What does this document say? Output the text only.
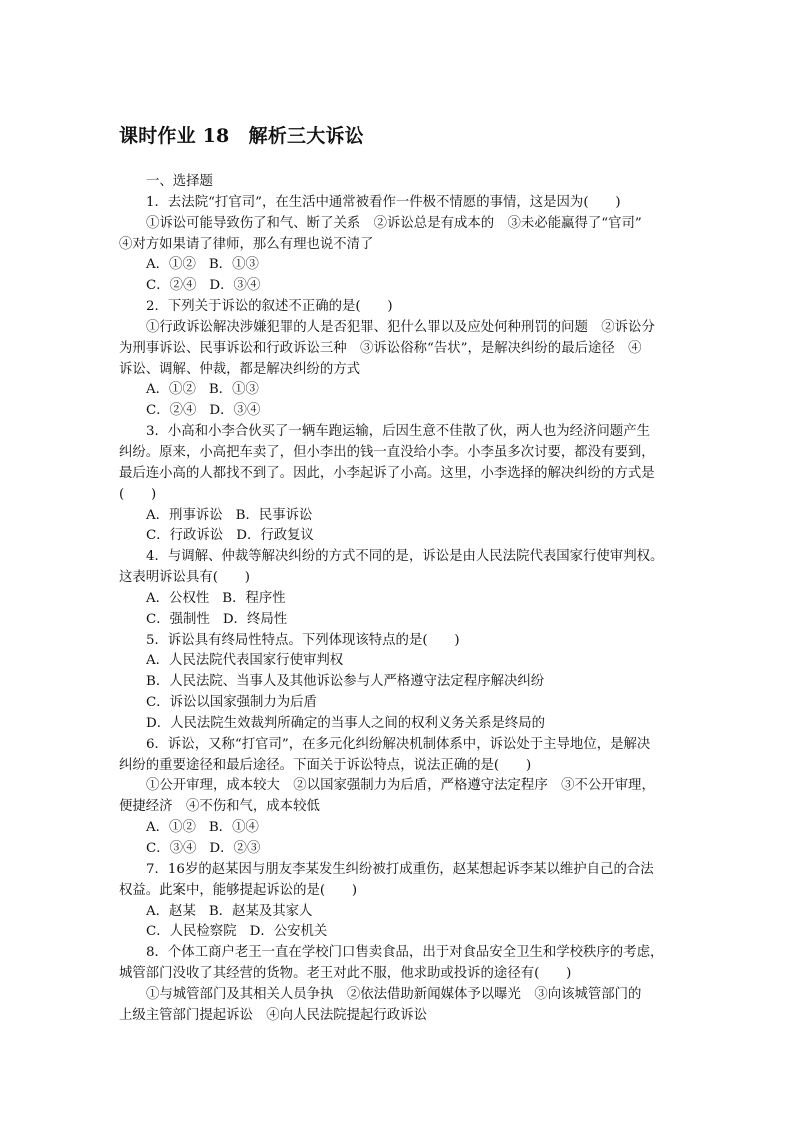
课时作业 18　解析三大诉讼
一、选择题
1．去法院“打官司”，在生活中通常被看作一件极不情愿的事情，这是因为(　　)
①诉讼可能导致伤了和气、断了关系　②诉讼总是有成本的　③未必能赢得了“官司”
④对方如果请了律师，那么有理也说不清了
A．①② B．①③
C．②④ D．③④
2．下列关于诉讼的叙述不正确的是(　　)
①行政诉讼解决涉嫌犯罪的人是否犯罪、犯什么罪以及应处何种刑罚的问题　②诉讼分
为刑事诉讼、民事诉讼和行政诉讼三种　③诉讼俗称“告状”，是解决纠纷的最后途径　④
诉讼、调解、仲裁，都是解决纠纷的方式
A．①② B．①③
C．②④ D．③④
3．小高和小李合伙买了一辆车跑运输，后因生意不佳散了伙，两人也为经济问题产生
纠纷。原来，小高把车卖了，但小李出的钱一直没给小李。小李虽多次讨要，都没有要到，
最后连小高的人都找不到了。因此，小李起诉了小高。这里，小李选择的解决纠纷的方式是
(　　)
A．刑事诉讼 B．民事诉讼
C．行政诉讼 D．行政复议
4．与调解、仲裁等解决纠纷的方式不同的是，诉讼是由人民法院代表国家行使审判权。
这表明诉讼具有(　　)
A．公权性 B．程序性
C．强制性 D．终局性
5．诉讼具有终局性特点。下列体现该特点的是(　　)
A．人民法院代表国家行使审判权
B．人民法院、当事人及其他诉讼参与人严格遵守法定程序解决纠纷
C．诉讼以国家强制力为后盾
D．人民法院生效裁判所确定的当事人之间的权利义务关系是终局的
6．诉讼，又称“打官司”，在多元化纠纷解决机制体系中，诉讼处于主导地位，是解决
纠纷的重要途径和最后途径。下面关于诉讼特点，说法正确的是(　　)
①公开审理，成本较大　②以国家强制力为后盾，严格遵守法定程序　③不公开审理，
便捷经济　④不伤和气，成本较低
A．①② B．①④
C．③④ D．②③
7．16岁的赵某因与朋友李某发生纠纷被打成重伤，赵某想起诉李某以维护自己的合法
权益。此案中，能够提起诉讼的是(　　)
A．赵某 B．赵某及其家人
C．人民检察院 D．公安机关
8．个体工商户老王一直在学校门口售卖食品，出于对食品安全卫生和学校秩序的考虑，
城管部门没收了其经营的货物。老王对此不服，他求助或投诉的途径有(　　)
①与城管部门及其相关人员争执　②依法借助新闻媒体予以曝光　③向该城管部门的
上级主管部门提起诉讼　④向人民法院提起行政诉讼
